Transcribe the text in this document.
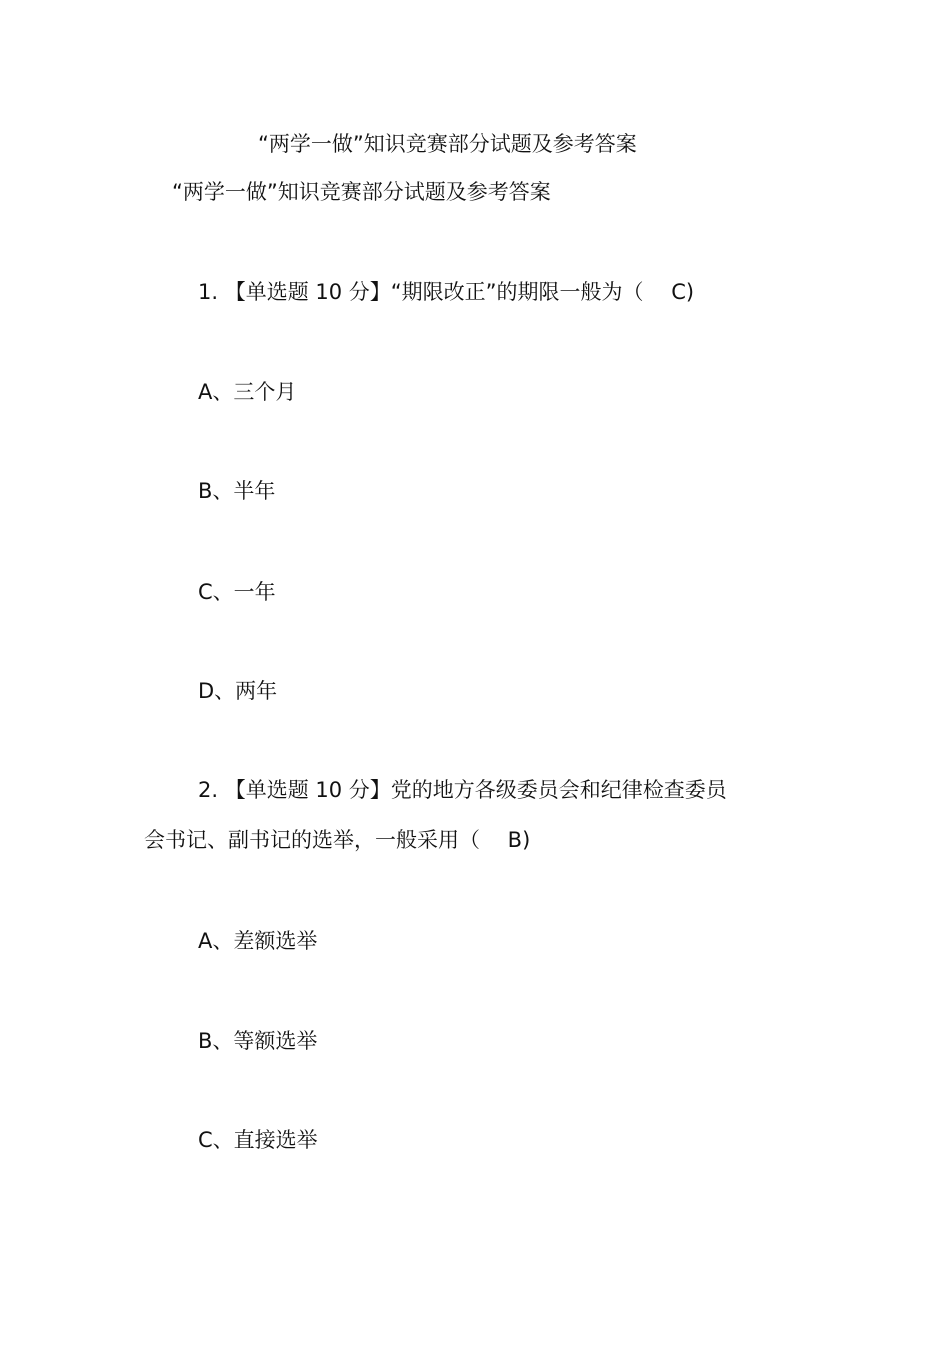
“两学一做”知识竞赛部分试题及参考答案
“两学一做”知识竞赛部分试题及参考答案

1. 【单选题 10 分】“期限改正”的期限一般为（　 C)

A、三个月

B、半年

C、一年

D、两年

2. 【单选题 10 分】党的地方各级委员会和纪律检查委员

会书记、副书记的选举，一般采用（　 B)

A、差额选举

B、等额选举

C、直接选举
